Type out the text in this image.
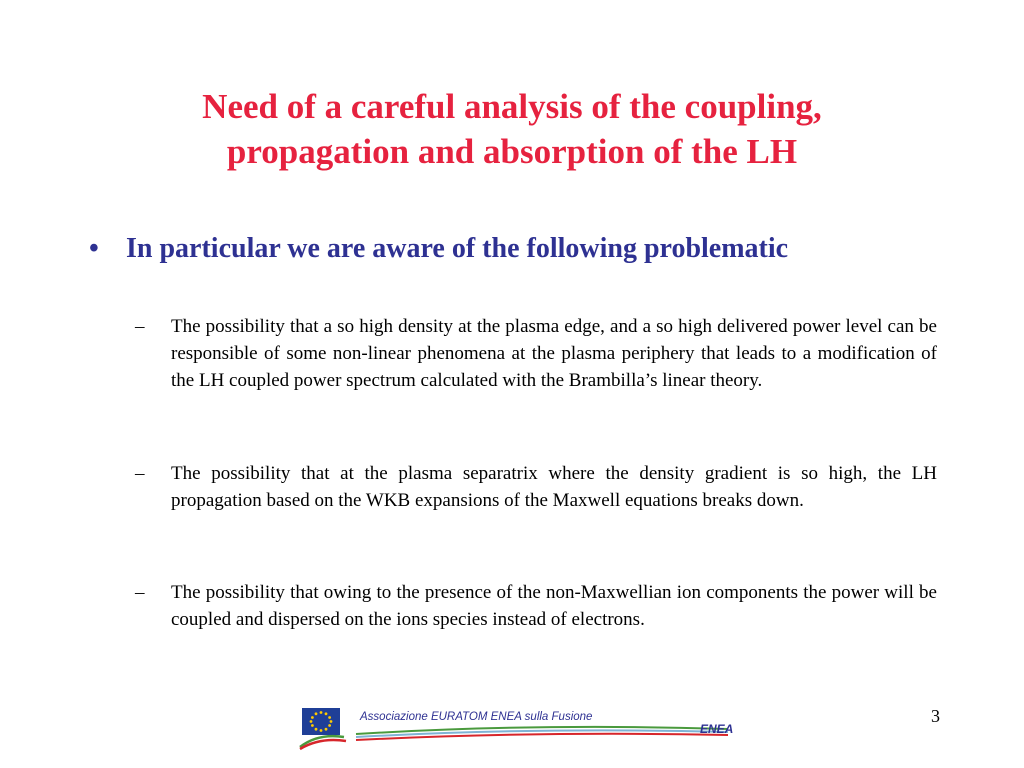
Need of a careful analysis of the coupling,
propagation and absorption of the LH
• In particular we are aware of the following problematic
–	The possibility that a so high density at the plasma edge, and a so high delivered power level can be responsible of some non-linear phenomena at the plasma periphery that leads to a modification of the LH coupled power spectrum calculated with the Brambilla’s linear theory.

–	The possibility that at the plasma separatrix where the density gradient is so high, the LH propagation based on the WKB expansions of the Maxwell equations breaks down.

–	The possibility that owing to the presence of the non-Maxwellian ion components the power will be coupled and dispersed on the ions species instead of electrons.

Associazione EURATOM ENEA sulla Fusione
ENEA
3
